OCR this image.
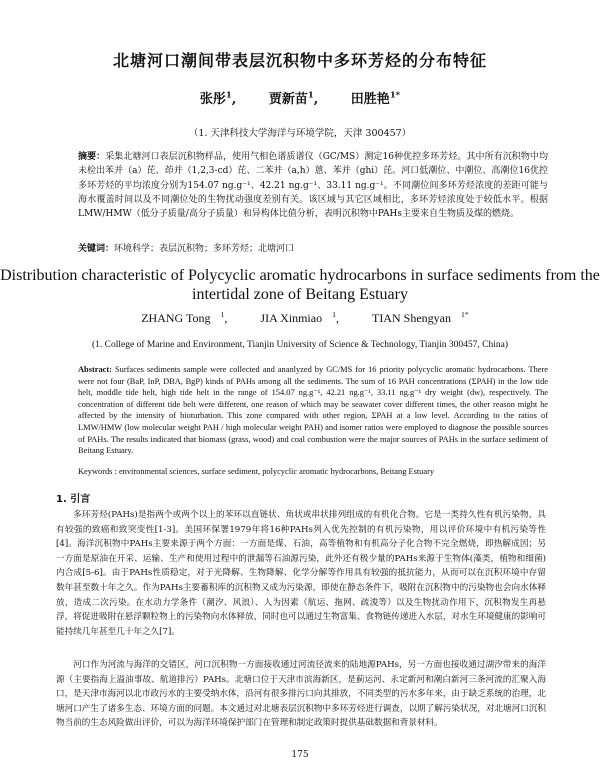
北塘河口潮间带表层沉积物中多环芳烃的分布特征
张彤$^1$,	贾新苗$^1$,	田胜艳$^{1*}$
（1. 天津科技大学海洋与环境学院，天津 300457）
摘要：采集北塘河口表层沉积物样品，使用气相色谱质谱仪（GC/MS）测定16种优控多环芳烃。其中所有沉积物中均未检出苯并（a）芘、茚并（1,2,3-cd）芘、二苯并（a,h）蒽、苯并（ghi）芘。河口低潮位、中潮位、高潮位16优控多环芳烃的平均浓度分别为154.07 ng.g⁻¹、42.21 ng.g⁻¹、33.11 ng.g⁻¹。不同潮位间多环芳烃浓度的差距可能与海水覆盖时间以及不同潮位处的生物扰动强度差别有关。该区域与其它区域相比，多环芳烃浓度处于较低水平。根据LMW/HMW（低分子质量/高分子质量）和异构体比值分析，表明沉积物中PAHs主要来自生物质及煤的燃烧。
关键词：环境科学；表层沉积物；多环芳烃；北塘河口
Distribution characteristic of Polycyclic aromatic hydrocarbons in surface sediments from the intertidal zone of Beitang Estuary
ZHANG Tong $^1$,	JIA Xinmiao $^1$,	TIAN Shengyan $^{1*}$
(1. College of Marine and Environment, Tianjin University of Science & Technology, Tianjin 300457, China)
Abstract: Surfaces sediments sample were collected and ananlyzed by GC/MS for 16 priority polycyclic aromatic hydrocarbons. There were not four (BaP, InP, DBA, BgP) kinds of PAHs among all the sediments. The sum of 16 PAH concentrations (ΣPAH) in the low tide helt, moddle tide helt, high tide helt in the range of 154.07 ng.g⁻¹, 42.21 ng.g⁻¹, 33.11 ng.g⁻¹ dry weight (dw), respectively. The concentration of different tide belt were different, one reason of which may be seawater cover different times, the other reason might he affected by the intensity of bioturbation. This zone compared with other region, ΣPAH at a low level. According to the ratios of LMW/HMW (low molecular weight PAH / high molecular weight PAH) and isomer ratios were employed to diagnose the possible sources of PAHs. The results indicated that biomass (grass, wood) and coal combustion were the major sources of PAHs in the surface sediment of Beitang Estuary.
Keywords : environmental sciences, surface sediment, polycyclic aromatic hydrocarbons, Beitang Estuary
1. 引言
多环芳烃(PAHs)是指两个或两个以上的苯环以直链状、角状或串状排列组成的有机化合物。它是一类持久性有机污染物，具有较强的致癌和致突变性[1-3]。美国环保署1979年将16种PAHs列入优先控制的有机污染物，用以评价环境中有机污染等性[4]。海洋沉积物中PAHs主要来源于两个方面：一方面是煤、石油，高等植物和有机高分子化合物不完全燃烧，即热解成因；另一方面是原油在开采、运输、生产和使用过程中的泄漏等石油源污染，此外还有极少量的PAHs来源于生物体(藻类，植物和细菌)内合成[5-6]。由于PAHs性质稳定，对于光降解、生物降解、化学分解等作用具有较强的抵抗能力，从而可以在沉积环境中存留数年甚至数十年之久。作为PAHs主要蓄积库的沉积物又成为污染源，即使在静态条件下，吸附在沉积物中的污染物也会向水体释放，造成二次污染。在水动力学条件（潮汐、风浪）、人为因素（航运、拖网、疏浚等）以及生物扰动作用下，沉积物发生再悬浮，将促进吸附在悬浮颗粒物上的污染物向水体释放，同时也可以通过生物富集、食物链传递进入水层，对水生环境健康的影响可能持续几年甚至几十年之久[7]。
河口作为河流与海洋的交错区，河口沉积物一方面接收通过河流径流来的陆地源PAHs，另一方面也接收通过湖汐带来的海洋源（主要指海上溢油事故、航道排污）PAHs。北塘口位于天津市滨海新区，是蓟运河、永定新河和潮白新河三条河流的汇聚入海口，是天津市海河以北市政污水的主要受纳水体，沿河有很多排污口向其排放，不同类型的污水多年来，由于缺乏系统的治理，北塘河口产生了诸多生态、环境方面的问题。本文通过对北塘表层沉积物中多环芳烃进行调查，以期了解污染状况，对北塘河口沉积物当前的生态风险做出评价，可以为海洋环境保护部门在管理和制定政策时提供基础数据和背景材料。
175
